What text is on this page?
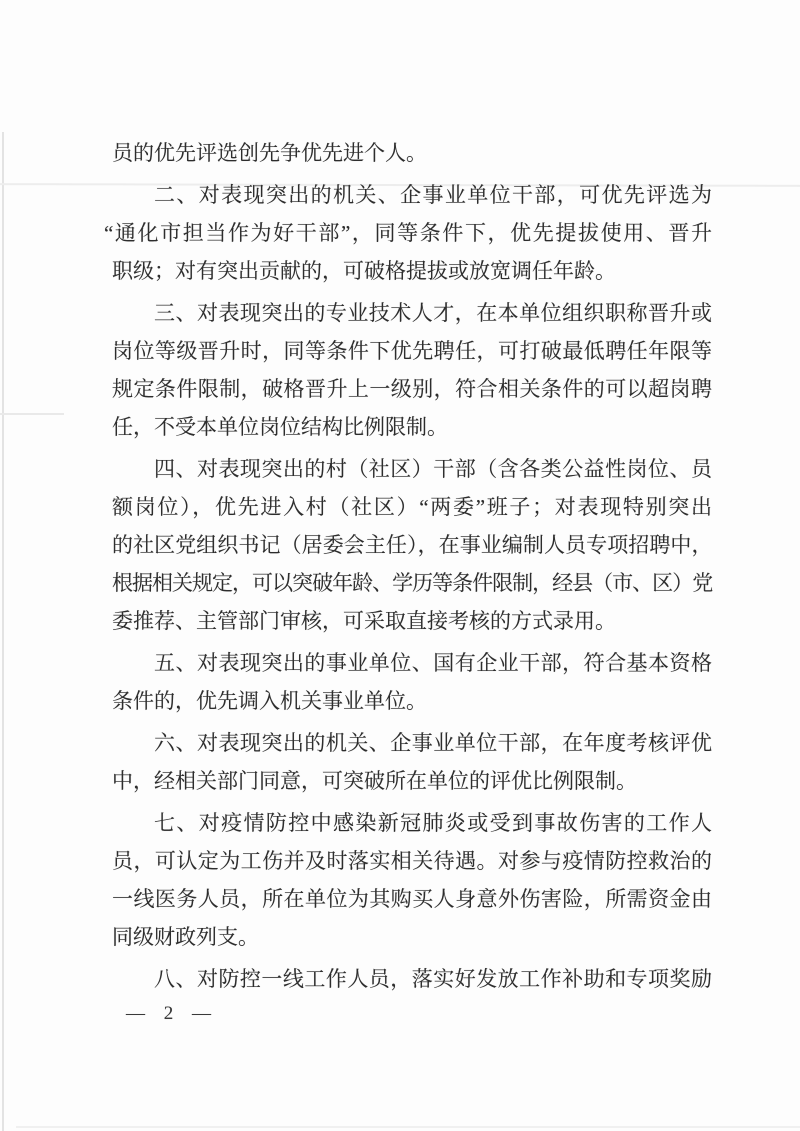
员的优先评选创先争优先进个人。

二、对表现突出的机关、企事业单位干部，可优先评选为
“通化市担当作为好干部”，同等条件下，优先提拔使用、晋升
职级；对有突出贡献的，可破格提拔或放宽调任年龄。

三、对表现突出的专业技术人才，在本单位组织职称晋升或
岗位等级晋升时，同等条件下优先聘任，可打破最低聘任年限等
规定条件限制，破格晋升上一级别，符合相关条件的可以超岗聘
任，不受本单位岗位结构比例限制。

四、对表现突出的村（社区）干部（含各类公益性岗位、员
额岗位），优先进入村（社区）“两委”班子；对表现特别突出
的社区党组织书记（居委会主任），在事业编制人员专项招聘中，
根据相关规定，可以突破年龄、学历等条件限制，经县（市、区）党
委推荐、主管部门审核，可采取直接考核的方式录用。

五、对表现突出的事业单位、国有企业干部，符合基本资格
条件的，优先调入机关事业单位。

六、对表现突出的机关、企事业单位干部，在年度考核评优
中，经相关部门同意，可突破所在单位的评优比例限制。

七、对疫情防控中感染新冠肺炎或受到事故伤害的工作人
员，可认定为工伤并及时落实相关待遇。对参与疫情防控救治的
一线医务人员，所在单位为其购买人身意外伤害险，所需资金由
同级财政列支。

八、对防控一线工作人员，落实好发放工作补助和专项奖励

— 2 —
